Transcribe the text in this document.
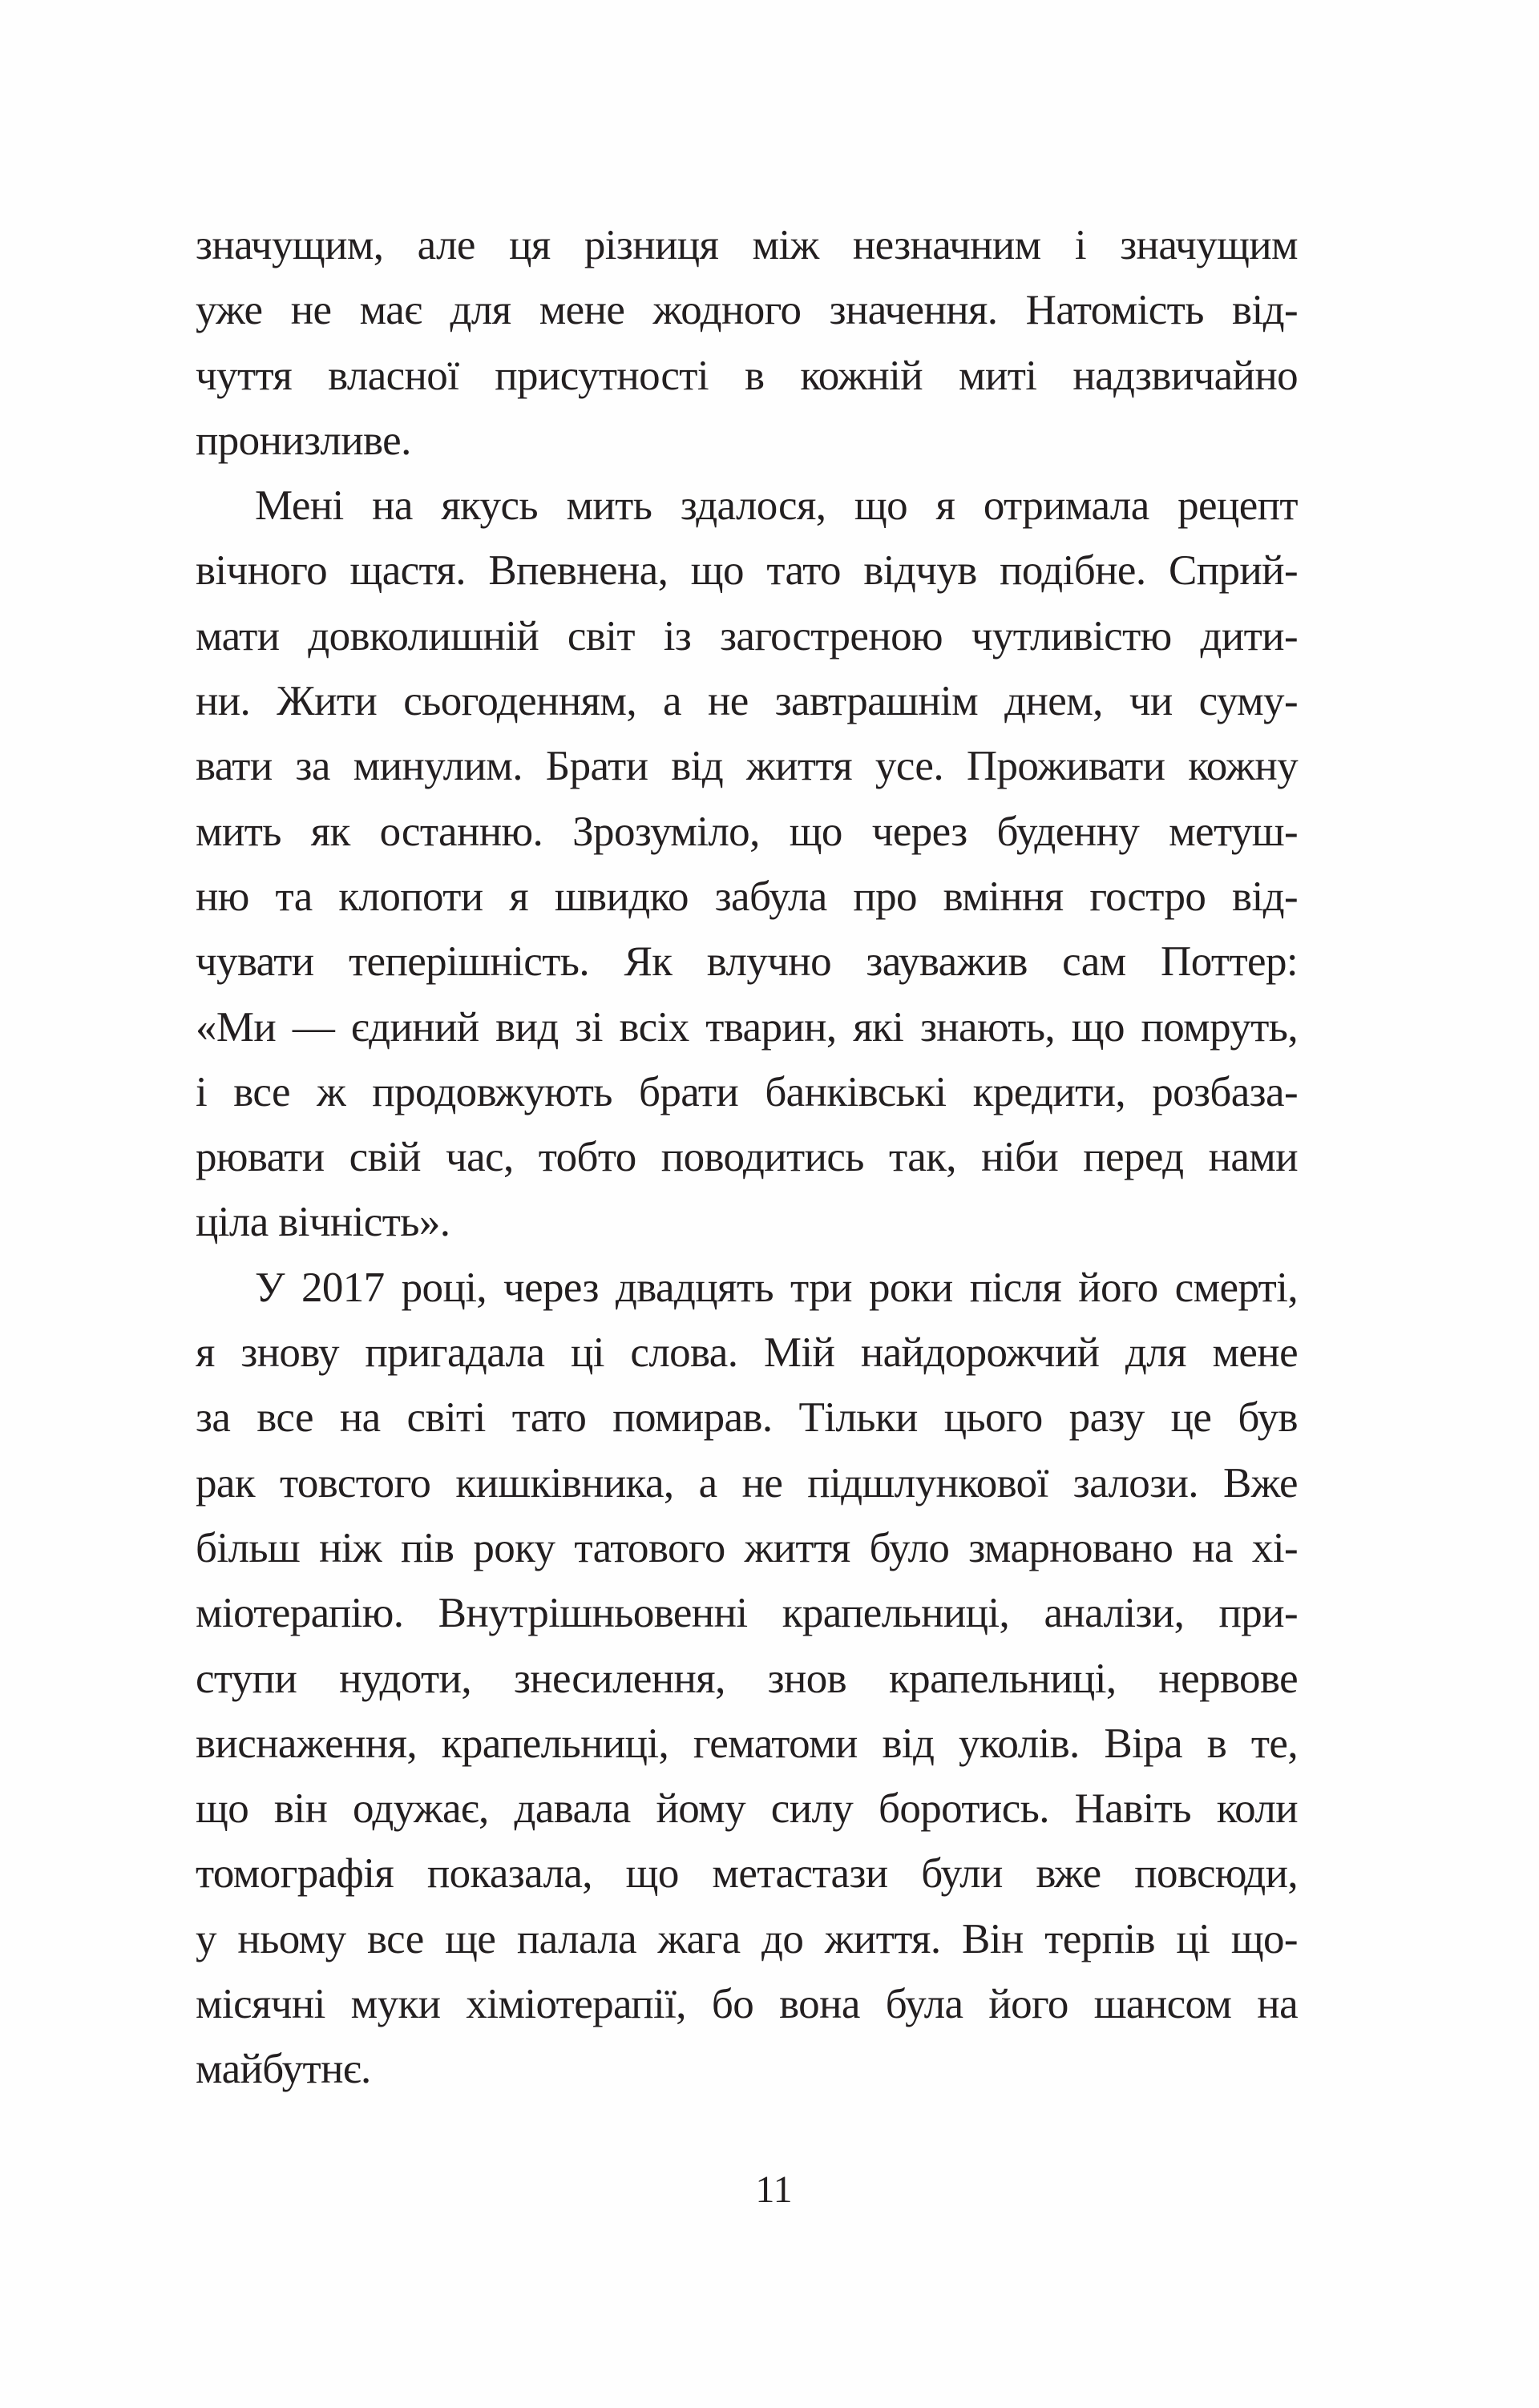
значущим, але ця різниця між незначним і значущим
уже не має для мене жодного значення. Натомість від-
чуття власної присутності в кожній миті надзвичайно
пронизливе.
Мені на якусь мить здалося, що я отримала рецепт
вічного щастя. Впевнена, що тато відчув подібне. Сприй-
мати довколишній світ із загостреною чутливістю дити-
ни. Жити сьогоденням, а не завтрашнім днем, чи суму-
вати за минулим. Брати від життя усе. Проживати кожну
мить як останню. Зрозуміло, що через буденну метуш-
ню та клопоти я швидко забула про вміння гостро від-
чувати теперішність. Як влучно зауважив сам Поттер:
«Ми — єдиний вид зі всіх тварин, які знають, що помруть,
і все ж продовжують брати банківські кредити, розбаза-
рювати свій час, тобто поводитись так, ніби перед нами
ціла вічність».
У 2017 році, через двадцять три роки після його смерті,
я знову пригадала ці слова. Мій найдорожчий для мене
за все на світі тато помирав. Тільки цього разу це був
рак товстого кишківника, а не підшлункової залози. Вже
більш ніж пів року татового життя було змарновано на хі-
міотерапію. Внутрішньовенні крапельниці, аналізи, при-
ступи нудоти, знесилення, знов крапельниці, нервове
виснаження, крапельниці, гематоми від уколів. Віра в те,
що він одужає, давала йому силу боротись. Навіть коли
томографія показала, що метастази були вже повсюди,
у ньому все ще палала жага до життя. Він терпів ці що-
місячні муки хіміотерапії, бо вона була його шансом на
майбутнє.
11
